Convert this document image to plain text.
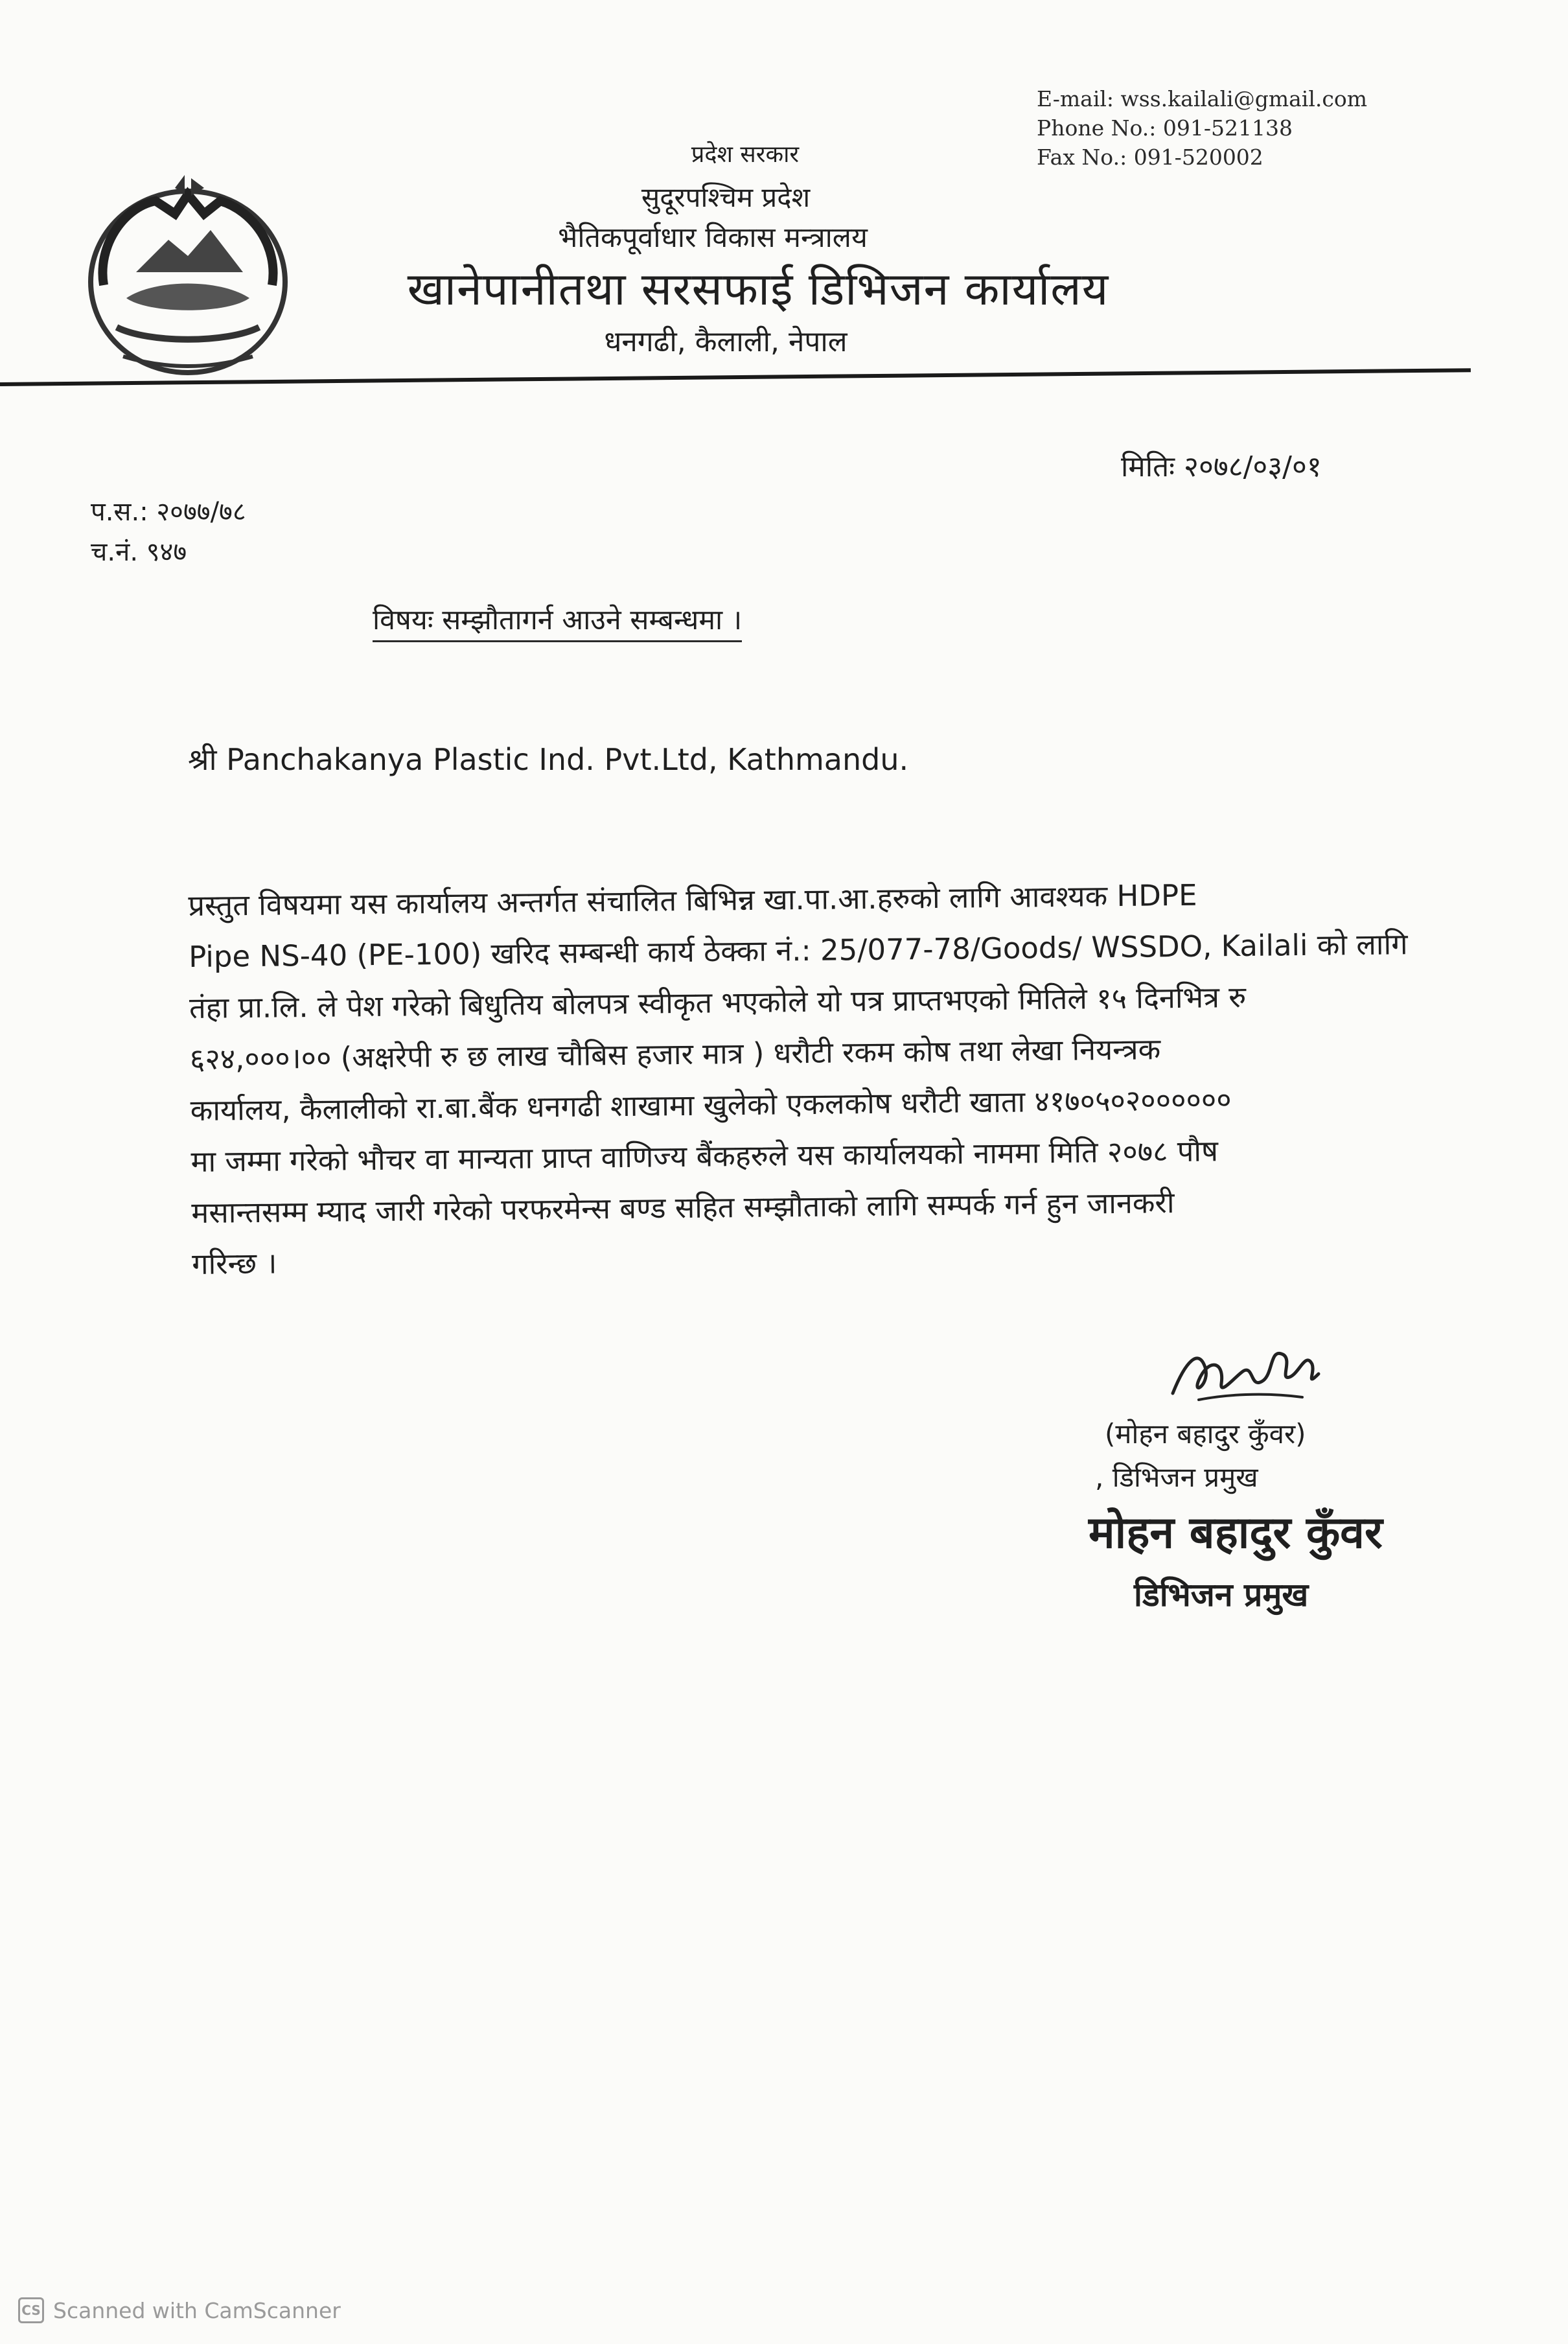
E-mail: wss.kailali@gmail.com
Phone No.: 091-521138
Fax No.: 091-520002
प्रदेश सरकार
सुदूरपश्चिम प्रदेश
भैतिकपूर्वाधार विकास मन्त्रालय
खानेपानीतथा सरसफाई डिभिजन कार्यालय
धनगढी, कैलाली, नेपाल
मितिः २०७८/०३/०१
प.स.: २०७७/७८
च.नं. ९४७
विषयः सम्झौतागर्न आउने सम्बन्धमा ।
श्री Panchakanya Plastic Ind. Pvt.Ltd, Kathmandu.
प्रस्तुत विषयमा यस कार्यालय अन्तर्गत संचालित बिभिन्न खा.पा.आ.हरुको लागि आवश्यक HDPE
Pipe NS-40 (PE-100) खरिद सम्बन्धी कार्य ठेक्का नं.: 25/077-78/Goods/ WSSDO, Kailali को लागि
तंहा प्रा.लि. ले पेश गरेको बिधुतिय बोलपत्र स्वीकृत भएकोले यो पत्र प्राप्तभएको मितिले १५ दिनभित्र रु
६२४,०००।०० (अक्षरेपी रु छ लाख चौबिस हजार मात्र ) धरौटी रकम कोष तथा लेखा नियन्त्रक
कार्यालय, कैलालीको रा.बा.बैंक धनगढी शाखामा खुलेको एकलकोष धरौटी खाता ४१७०५०२००००००
मा जम्मा गरेको भौचर वा मान्यता प्राप्त वाणिज्य बैंकहरुले यस कार्यालयको नाममा मिति २०७८ पौष
मसान्तसम्म म्याद जारी गरेको परफरमेन्स बण्ड सहित सम्झौताको लागि सम्पर्क गर्न हुन जानकरी
गरिन्छ ।
(मोहन बहादुर कुँवर)
, डिभिजन प्रमुख
मोहन बहादुर कुँवर
डिभिजन प्रमुख
CS Scanned with CamScanner
